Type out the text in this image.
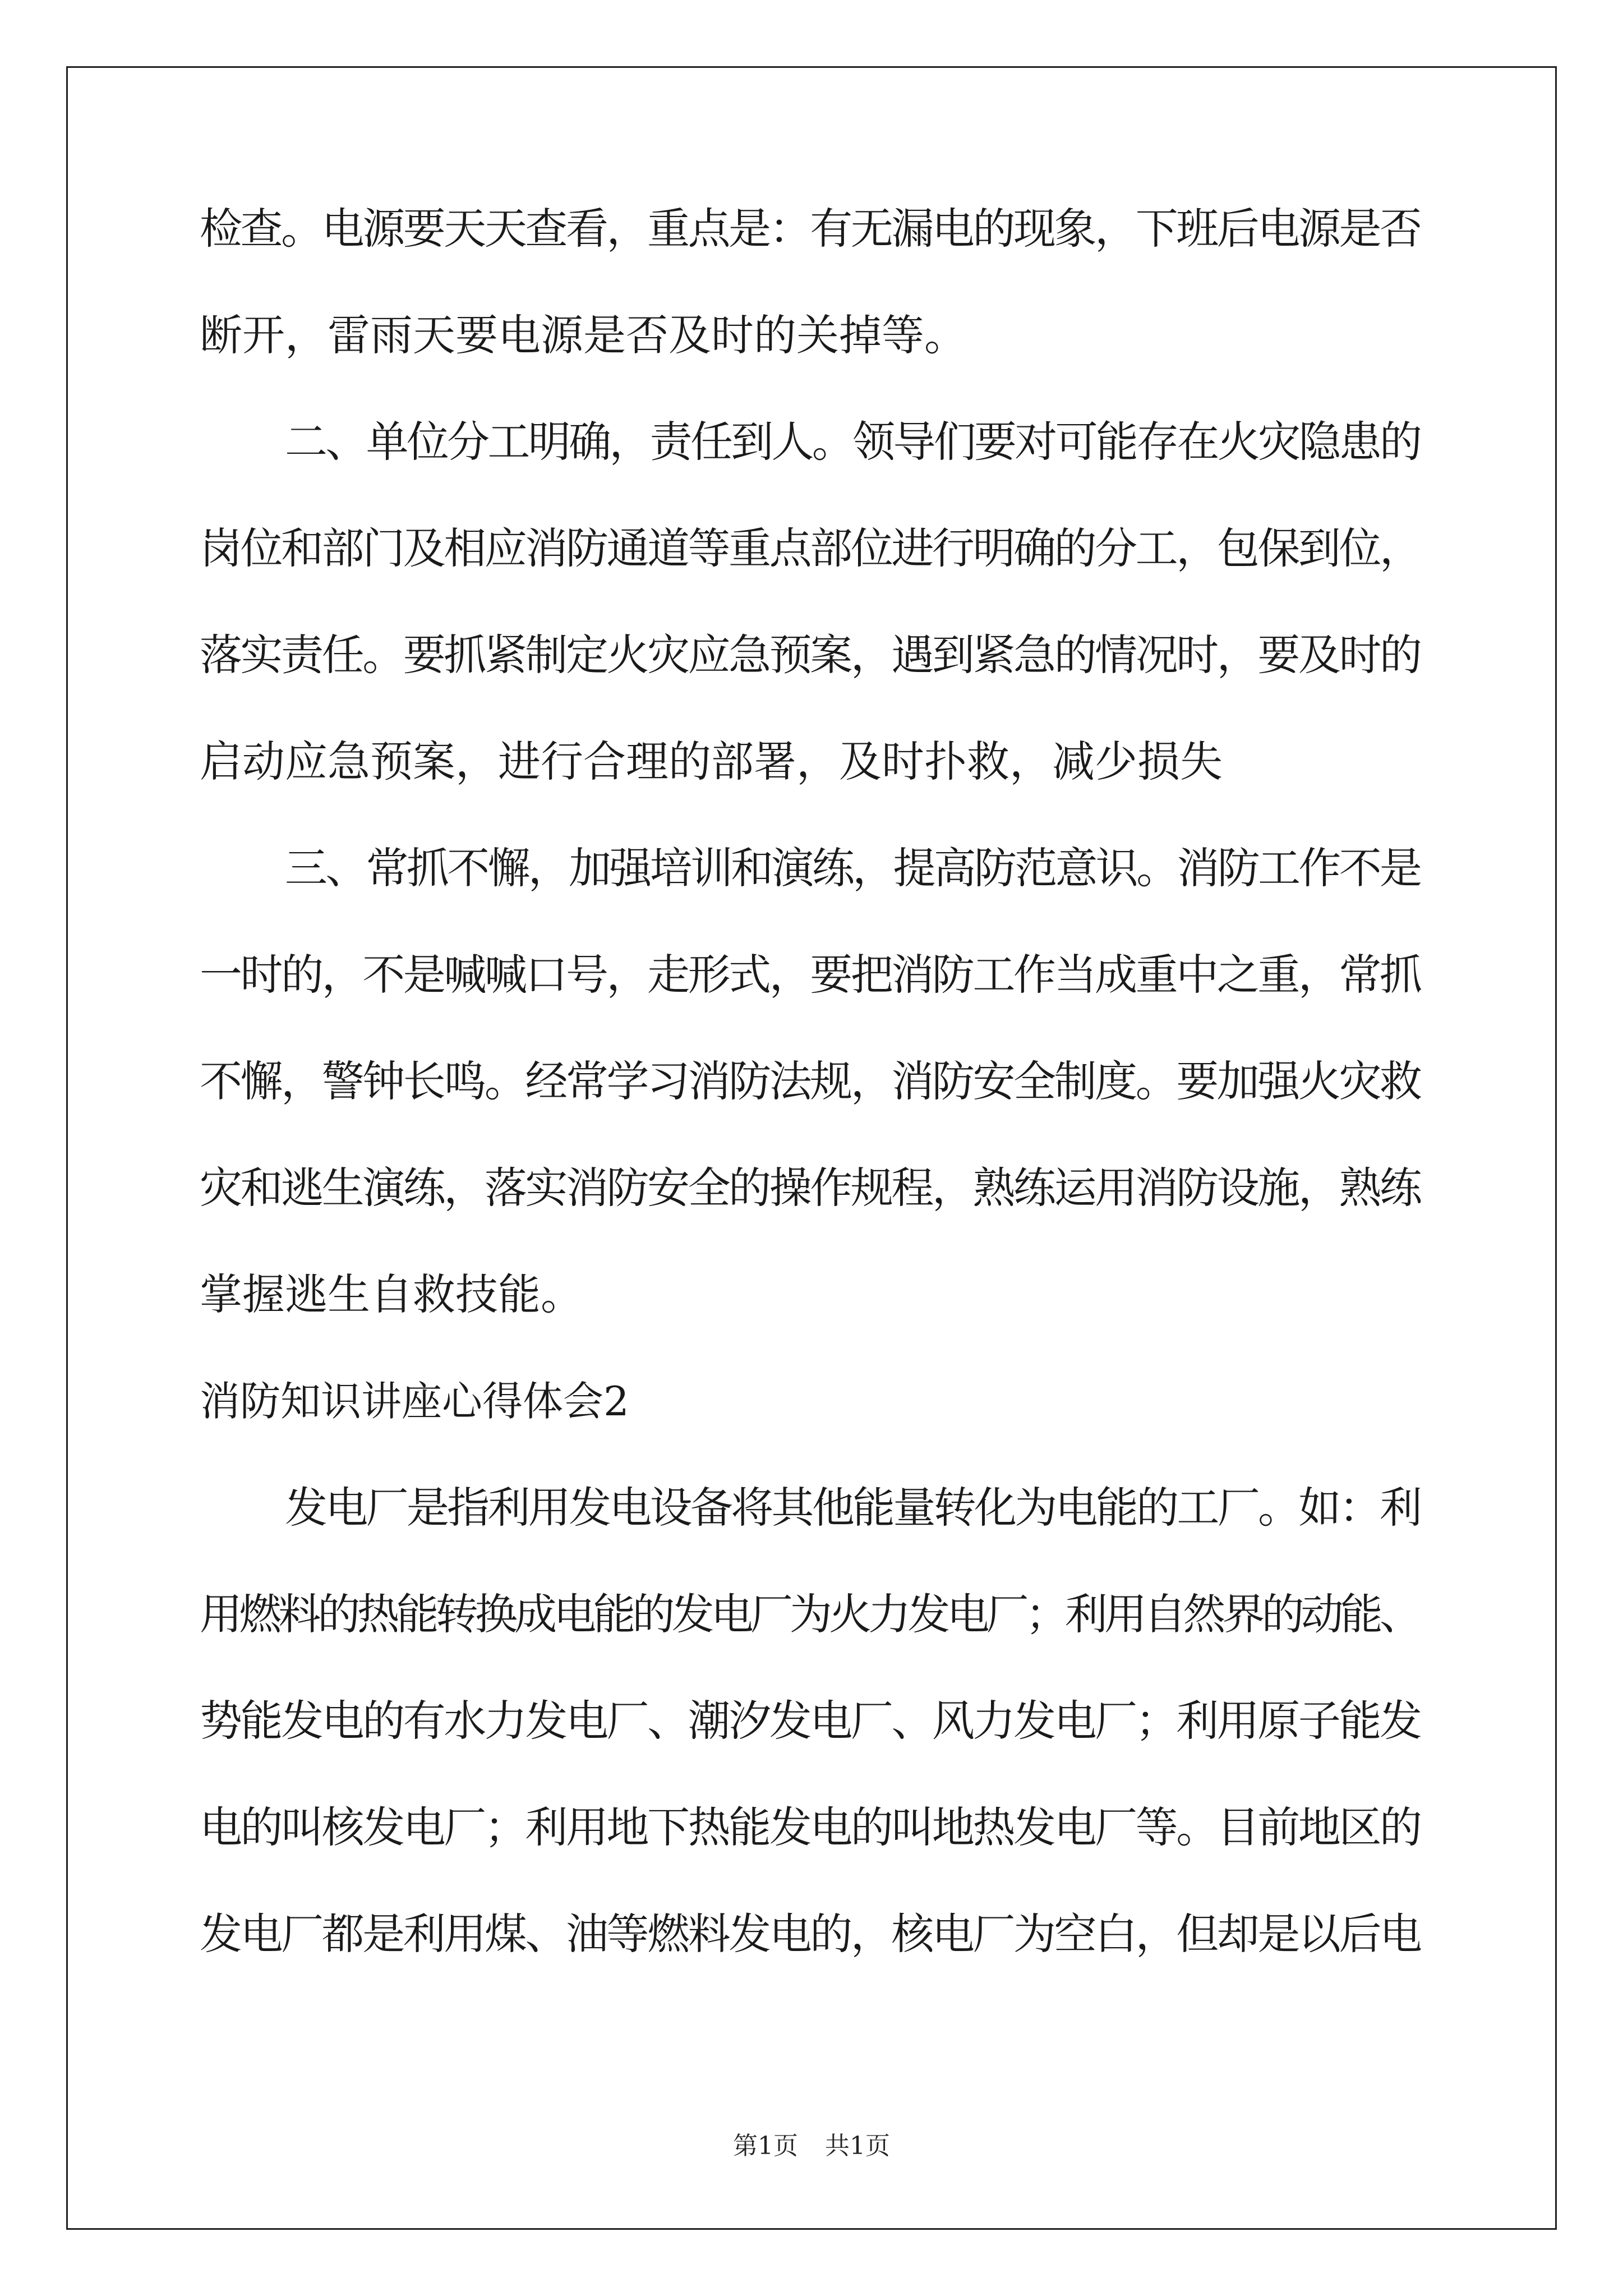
检查。电源要天天查看，重点是：有无漏电的现象，下班后电源是否
断开，雷雨天要电源是否及时的关掉等。
二、单位分工明确，责任到人。领导们要对可能存在火灾隐患的
岗位和部门及相应消防通道等重点部位进行明确的分工，包保到位，
落实责任。要抓紧制定火灾应急预案，遇到紧急的情况时，要及时的
启动应急预案，进行合理的部署，及时扑救，减少损失
三、常抓不懈，加强培训和演练，提高防范意识。消防工作不是
一时的，不是喊喊口号，走形式，要把消防工作当成重中之重，常抓
不懈，警钟长鸣。经常学习消防法规，消防安全制度。要加强火灾救
灾和逃生演练，落实消防安全的操作规程，熟练运用消防设施，熟练
掌握逃生自救技能。
消防知识讲座心得体会2
发电厂是指利用发电设备将其他能量转化为电能的工厂。如：利
用燃料的热能转换成电能的发电厂为火力发电厂；利用自然界的动能、
势能发电的有水力发电厂、潮汐发电厂、风力发电厂；利用原子能发
电的叫核发电厂；利用地下热能发电的叫地热发电厂等。目前地区的
发电厂都是利用煤、油等燃料发电的，核电厂为空白，但却是以后电
第1页 共1页
